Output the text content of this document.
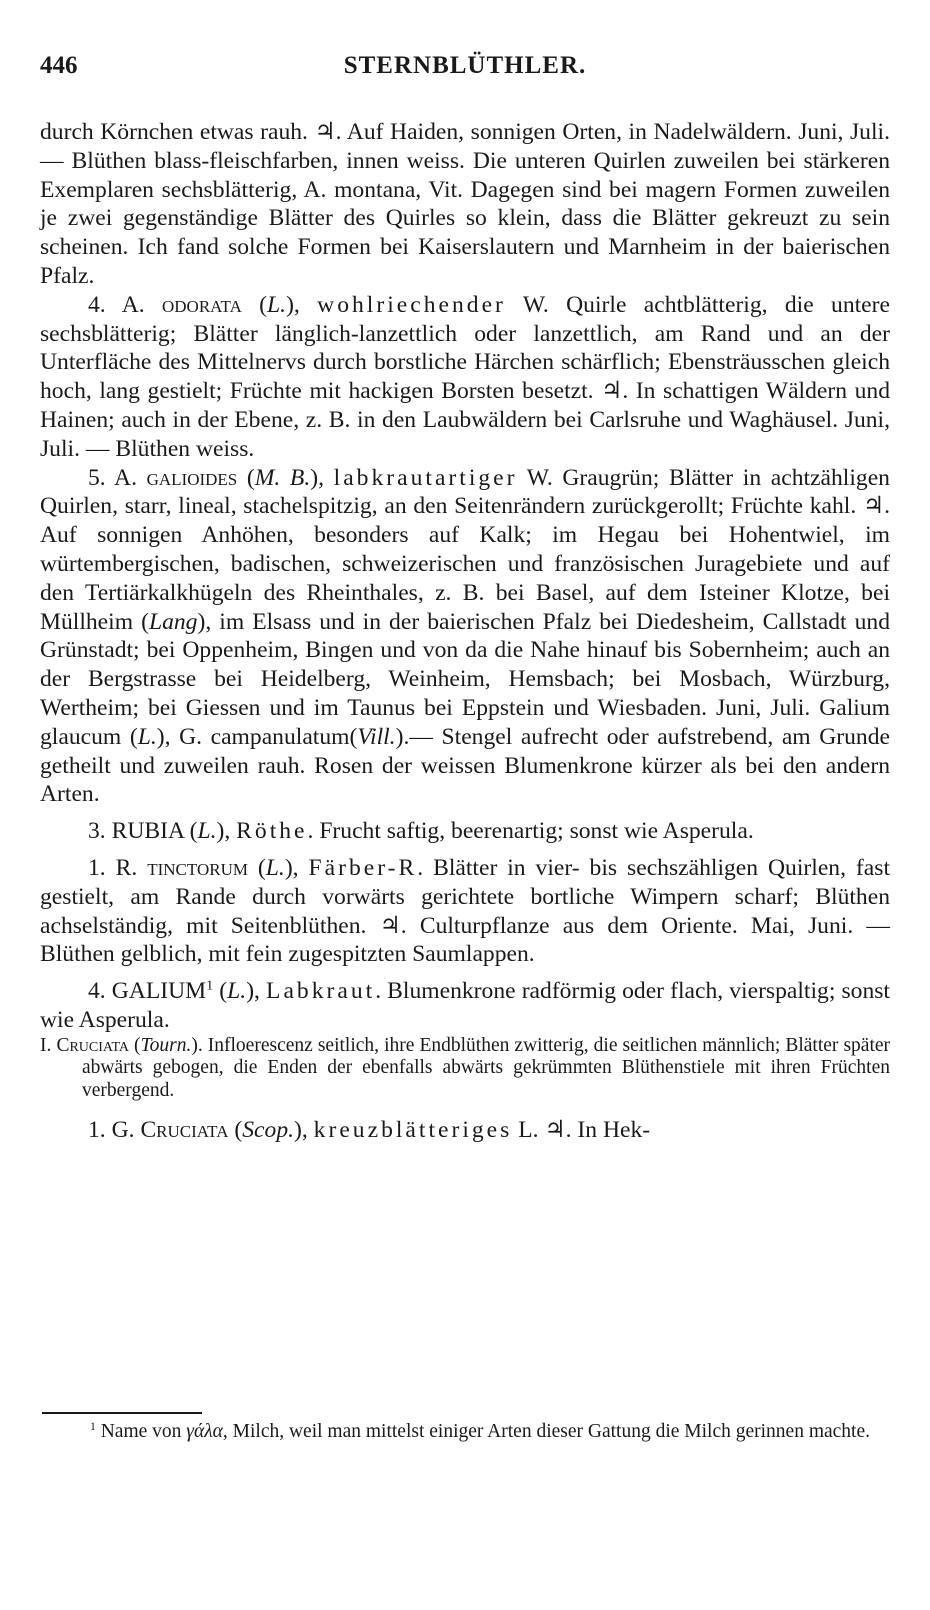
446	STERNBLÜTHLER.

durch Körnchen etwas rauh. ♃. Auf Haiden, sonnigen Orten, in Nadelwäldern. Juni, Juli. — Blüthen blass-fleischfarben, innen weiss. Die unteren Quirlen zuweilen bei stärkeren Exemplaren sechsblätterig, A. montana, Vit. Dagegen sind bei magern Formen zuweilen je zwei gegenständige Blätter des Quirles so klein, dass die Blätter gekreuzt zu sein scheinen. Ich fand solche Formen bei Kaiserslautern und Marnheim in der baierischen Pfalz.

4. A. odorata (L.), wohlriechender W. Quirle achtblätterig, die untere sechsblätterig; Blätter länglich-lanzettlich oder lanzettlich, am Rand und an der Unterfläche des Mittelnervs durch borstliche Härchen schärflich; Ebensträusschen gleich hoch, lang gestielt; Früchte mit hackigen Borsten besetzt. ♃. In schattigen Wäldern und Hainen; auch in der Ebene, z. B. in den Laubwäldern bei Carlsruhe und Waghäusel. Juni, Juli. — Blüthen weiss.

5. A. galioides (M. B.), labkrautartiger W. Graugrün; Blätter in achtzähligen Quirlen, starr, lineal, stachelspitzig, an den Seitenrändern zurückgerollt; Früchte kahl. ♃. Auf sonnigen Anhöhen, besonders auf Kalk; im Hegau bei Hohentwiel, im würtembergischen, badischen, schweizerischen und französischen Juragebiete und auf den Tertiärkalkhügeln des Rheinthales, z. B. bei Basel, auf dem Isteiner Klotze, bei Müllheim (Lang), im Elsass und in der baierischen Pfalz bei Diedesheim, Callstadt und Grünstadt; bei Oppenheim, Bingen und von da die Nahe hinauf bis Sobernheim; auch an der Bergstrasse bei Heidelberg, Weinheim, Hemsbach; bei Mosbach, Würzburg, Wertheim; bei Giessen und im Taunus bei Eppstein und Wiesbaden. Juni, Juli. Galium glaucum (L.), G. campanulatum(Vill.).— Stengel aufrecht oder aufstrebend, am Grunde getheilt und zuweilen rauh. Rosen der weissen Blumenkrone kürzer als bei den andern Arten.

3. RUBIA (L.), Röthe. Frucht saftig, beerenartig; sonst wie Asperula.

1. R. tinctorum (L.), Färber-R. Blätter in vier- bis sechszähligen Quirlen, fast gestielt, am Rande durch vorwärts gerichtete bortliche Wimpern scharf; Blüthen achselständig, mit Seitenblüthen. ♃. Culturpflanze aus dem Oriente. Mai, Juni. — Blüthen gelblich, mit fein zugespitzten Saumlappen.

4. GALIUM$^1$ (L.), Labkraut. Blumenkrone radförmig oder flach, vierspaltig; sonst wie Asperula.

I. Cruciata (Tourn.). Infloerescenz seitlich, ihre Endblüthen zwitterig, die seitlichen männlich; Blätter später abwärts gebogen, die Enden der ebenfalls abwärts gekrümmten Blüthenstiele mit ihren Früchten verbergend.

1. G. Cruciata (Scop.), kreuzblätteriges L. ♃. In Hek-

$^1$ Name von γάλα, Milch, weil man mittelst einiger Arten dieser Gattung die Milch gerinnen machte.
